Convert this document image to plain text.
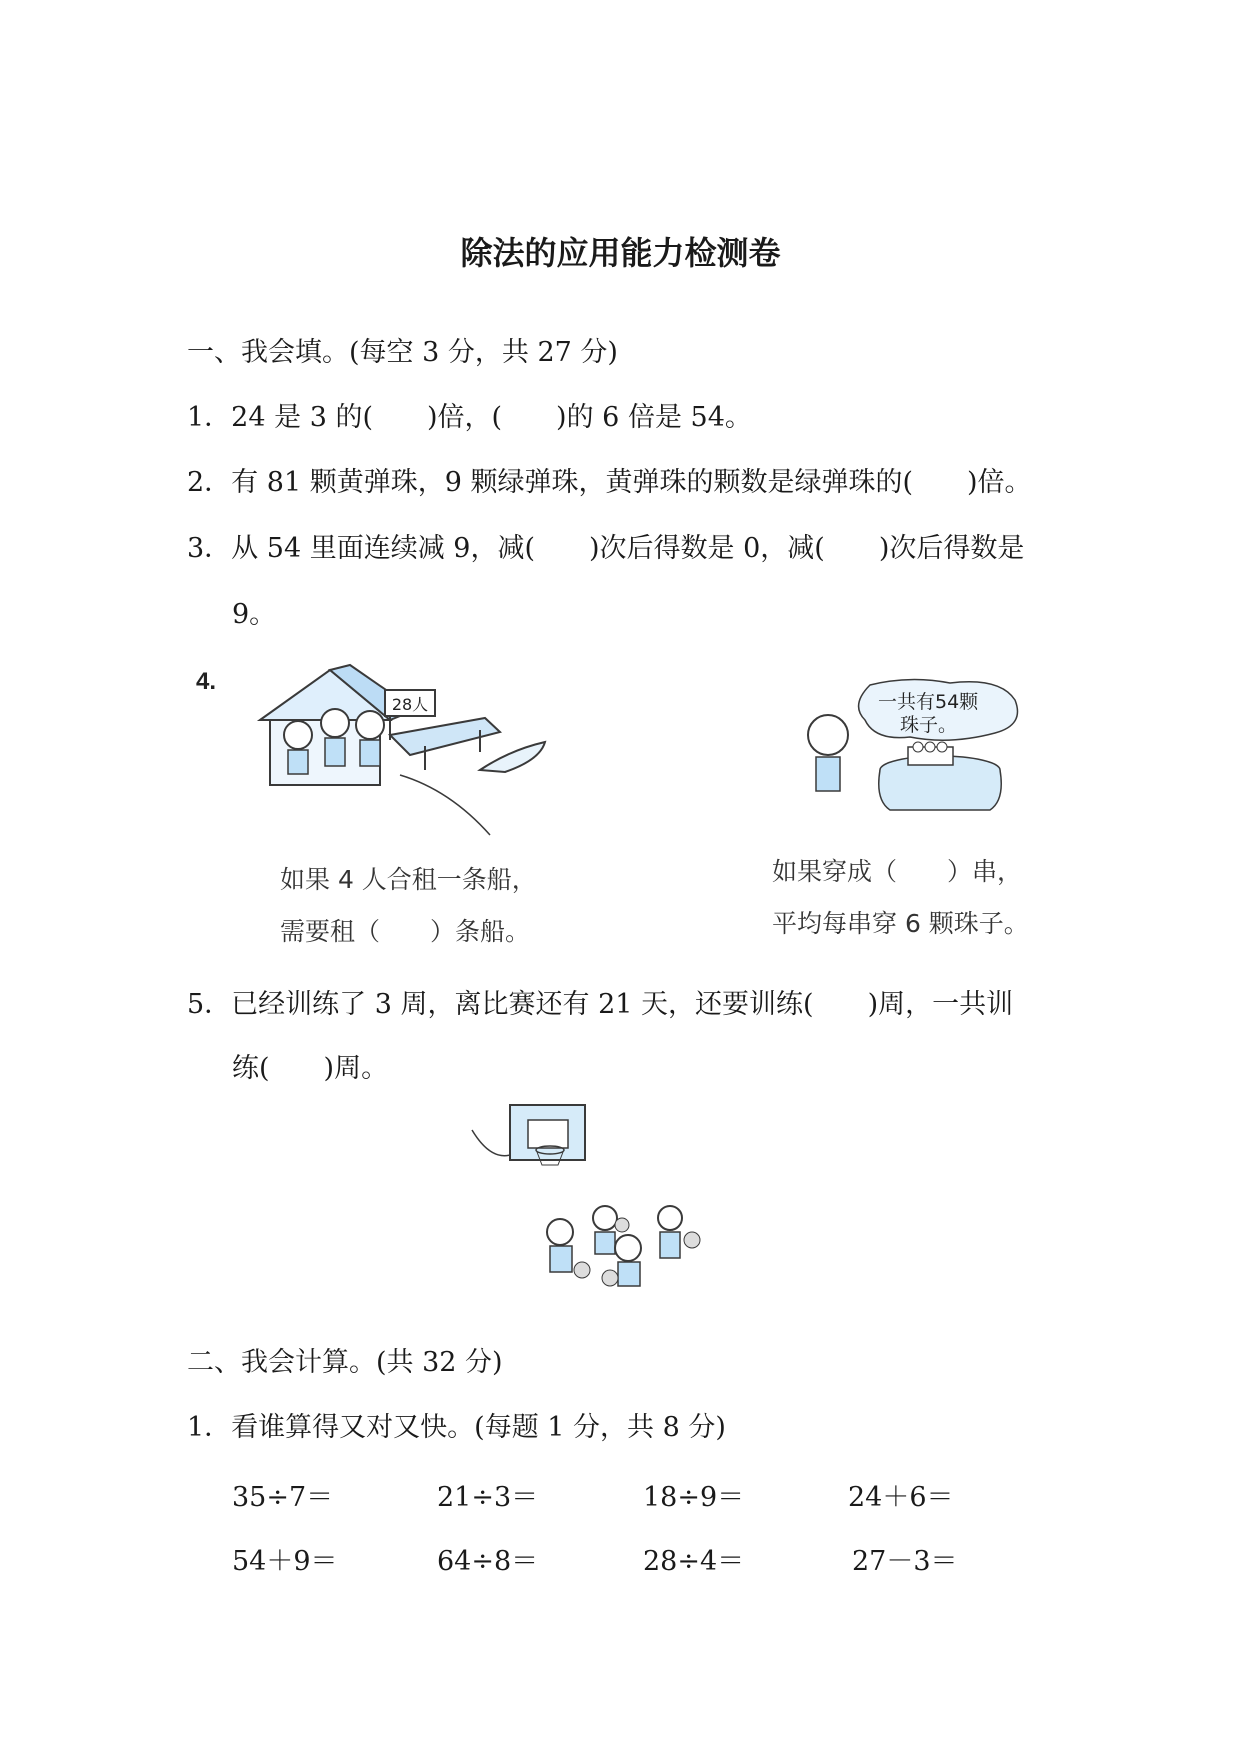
除法的应用能力检测卷
一、我会填。(每空 3 分，共 27 分)
1．24 是 3 的(　　)倍，(　　)的 6 倍是 54。
2．有 81 颗黄弹珠，9 颗绿弹珠，黄弹珠的颗数是绿弹珠的(　　)倍。
3．从 54 里面连续减 9，减(　　)次后得数是 0，减(　　)次后得数是
9。
4.
28人
如果 4 人合租一条船，
需要租（　　）条船。
一共有54颗
珠子。
如果穿成（　　）串，
平均每串穿 6 颗珠子。
5．已经训练了 3 周，离比赛还有 21 天，还要训练(　　)周，一共训
练(　　)周。
二、我会计算。(共 32 分)
1．看谁算得又对又快。(每题 1 分，共 8 分)
35÷7＝	21÷3＝	18÷9＝	24＋6＝
54＋9＝	64÷8＝	28÷4＝	27－3＝
